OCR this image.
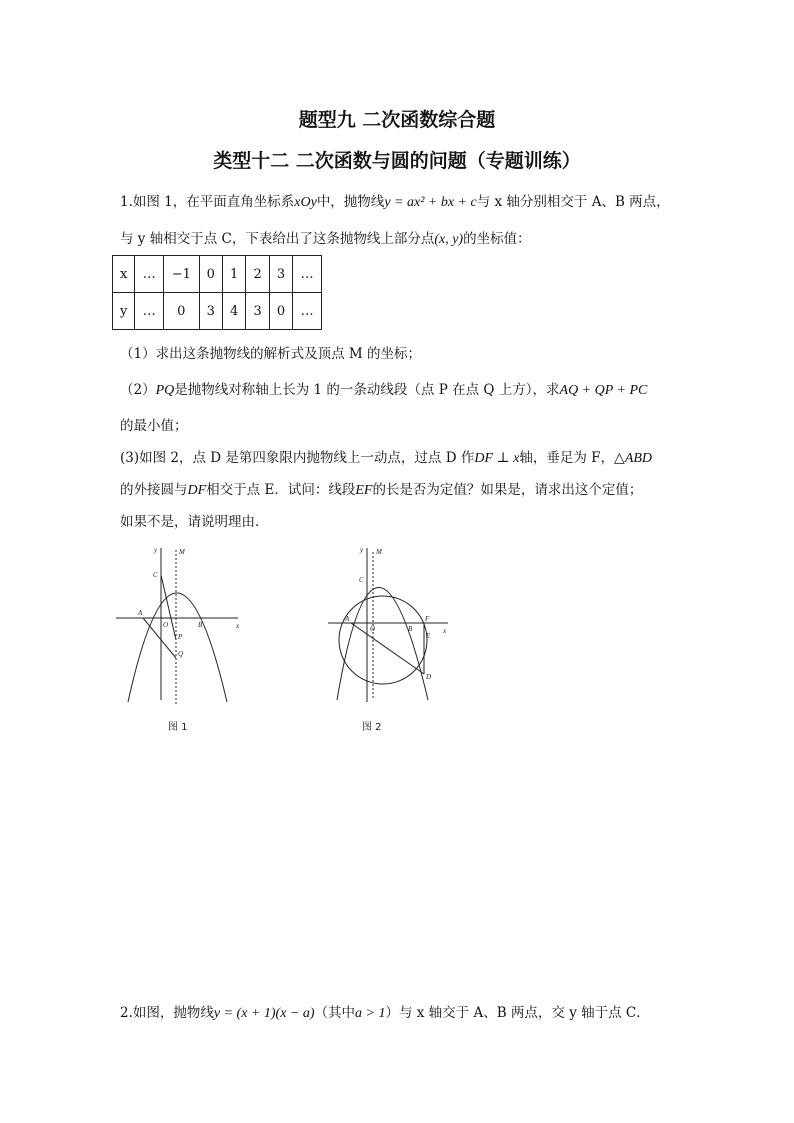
题型九 二次函数综合题
类型十二 二次函数与圆的问题（专题训练）
1.如图 1，在平面直角坐标系xOy中，抛物线y = ax² + bx + c与 x 轴分别相交于 A、B 两点，
与 y 轴相交于点 C，下表给出了这条抛物线上部分点(x, y)的坐标值：
x	…	−1	0	1	2	3	…
y	…	0	3	4	3	0	…
（1）求出这条抛物线的解析式及顶点 M 的坐标；
（2）PQ是抛物线对称轴上长为 1 的一条动线段（点 P 在点 Q 上方），求AQ + QP + PC
的最小值；
(3)如图 2，点 D 是第四象限内抛物线上一动点，过点 D 作DF ⊥ x轴，垂足为 F，△ABD
的外接圆与DF相交于点 E．试问：线段EF的长是否为定值？如果是，请求出这个定值；
如果不是，请说明理由．
y	M
C
A
O	B	x
P
Q
图 1
y M
C
A
O	B
F
E
x
D
图 2
2.如图，抛物线y = (x + 1)(x − a)（其中a > 1）与 x 轴交于 A、B 两点，交 y 轴于点 C．
